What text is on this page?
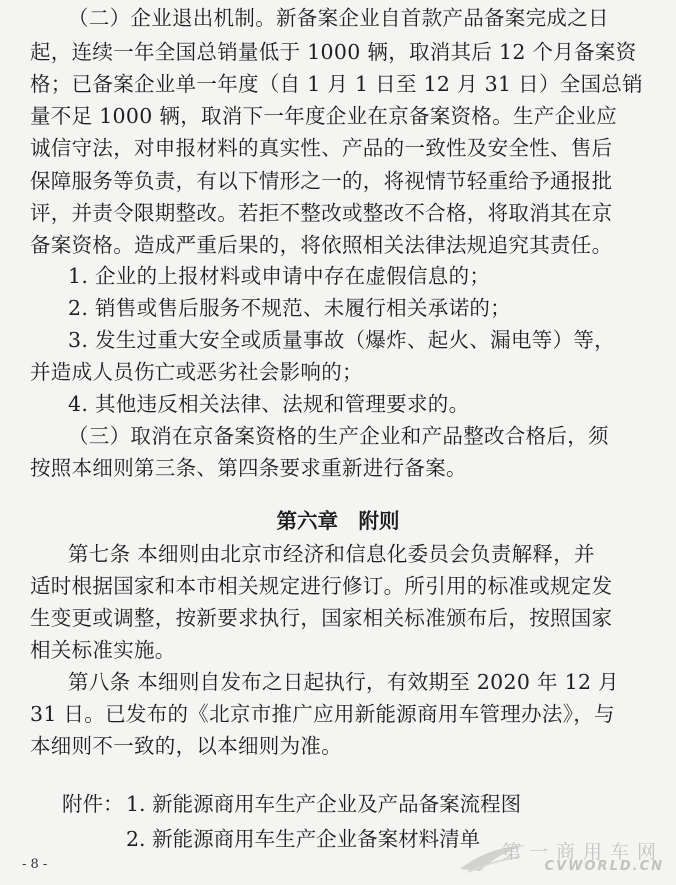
（二）企业退出机制。新备案企业自首款产品备案完成之日
起，连续一年全国总销量低于 1000 辆，取消其后 12 个月备案资
格；已备案企业单一年度（自 1 月 1 日至 12 月 31 日）全国总销
量不足 1000 辆，取消下一年度企业在京备案资格。生产企业应
诚信守法，对申报材料的真实性、产品的一致性及安全性、售后
保障服务等负责，有以下情形之一的，将视情节轻重给予通报批
评，并责令限期整改。若拒不整改或整改不合格，将取消其在京
备案资格。造成严重后果的，将依照相关法律法规追究其责任。
1. 企业的上报材料或申请中存在虚假信息的；
2. 销售或售后服务不规范、未履行相关承诺的；
3. 发生过重大安全或质量事故（爆炸、起火、漏电等）等，
并造成人员伤亡或恶劣社会影响的；
4. 其他违反相关法律、法规和管理要求的。
（三）取消在京备案资格的生产企业和产品整改合格后，须
按照本细则第三条、第四条要求重新进行备案。
第六章　附则
第七条 本细则由北京市经济和信息化委员会负责解释，并
适时根据国家和本市相关规定进行修订。所引用的标准或规定发
生变更或调整，按新要求执行，国家相关标准颁布后，按照国家
相关标准实施。
第八条 本细则自发布之日起执行，有效期至 2020 年 12 月
31 日。已发布的《北京市推广应用新能源商用车管理办法》，与
本细则不一致的，以本细则为准。
附件： 1. 新能源商用车生产企业及产品备案流程图
2. 新能源商用车生产企业备案材料清单
- 8 -
第一商用车网
CVWORLD.CN
